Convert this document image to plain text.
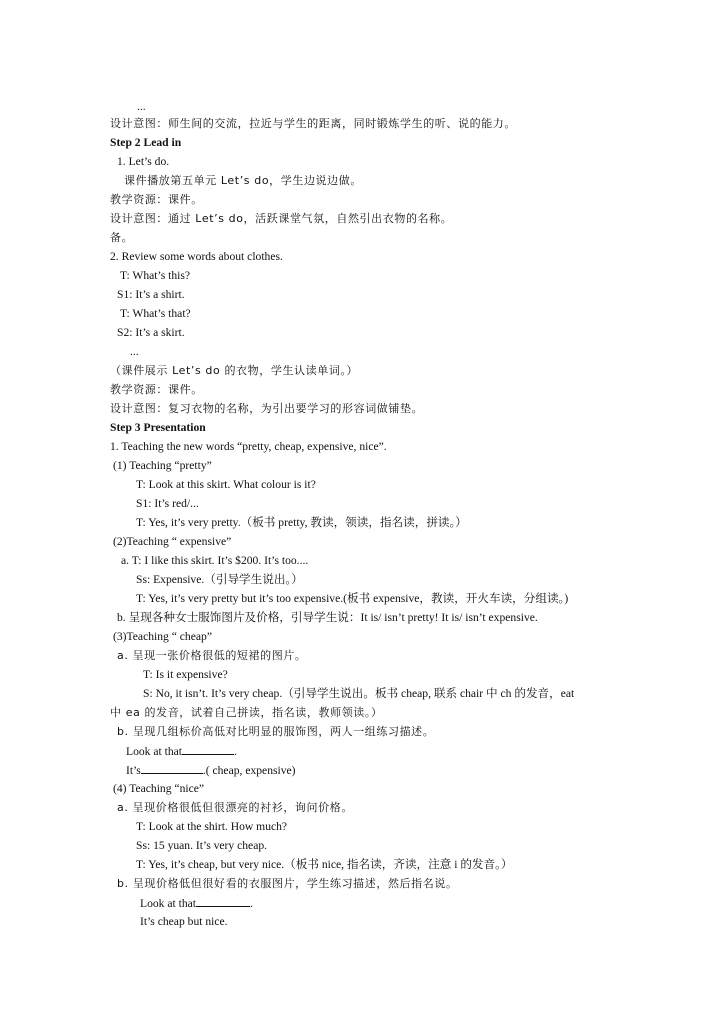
...
设计意图：师生间的交流，拉近与学生的距离，同时锻炼学生的听、说的能力。
Step 2 Lead in
1. Let’s do.
课件播放第五单元 Let’s do，学生边说边做。
教学资源：课件。
设计意图：通过 Let’s do，活跃课堂气氛，自然引出衣物的名称。
备。
2. Review some words about clothes.
T: What’s this?
S1: It’s a shirt.
T: What’s that?
S2: It’s a skirt.
...
（课件展示 Let’s do 的衣物，学生认读单词。）
教学资源：课件。
设计意图：复习衣物的名称，为引出要学习的形容词做铺垫。
Step 3 Presentation
1. Teaching the new words “pretty, cheap, expensive, nice”.
(1) Teaching “pretty”
T: Look at this skirt. What colour is it?
S1: It’s red/...
T: Yes, it’s very pretty.（板书 pretty, 教读，领读，指名读，拼读。）
(2)Teaching “ expensive”
a. T: I like this skirt. It’s $200. It’s too....
Ss: Expensive.（引导学生说出。）
T: Yes, it’s very pretty but it’s too expensive.(板书 expensive，教读，开火车读，分组读。)
b. 呈现各种女士服饰图片及价格，引导学生说：It is/ isn’t pretty! It is/ isn’t expensive.
(3)Teaching “ cheap”
a. 呈现一张价格很低的短裙的图片。
T: Is it expensive?
S: No, it isn’t. It’s very cheap.（引导学生说出。板书 cheap, 联系 chair 中 ch 的发音，eat
中 ea 的发音，试着自己拼读，指名读，教师领读。）
b. 呈现几组标价高低对比明显的服饰图，两人一组练习描述。
Look at that	.
It’s	.( cheap, expensive)
(4) Teaching “nice”
a. 呈现价格很低但很漂亮的衬衫，询问价格。
T: Look at the shirt. How much?
Ss: 15 yuan. It’s very cheap.
T: Yes, it’s cheap, but very nice.（板书 nice, 指名读，齐读，注意 i 的发音。）
b. 呈现价格低但很好看的衣服图片，学生练习描述，然后指名说。
Look at that	.
It’s cheap but nice.
